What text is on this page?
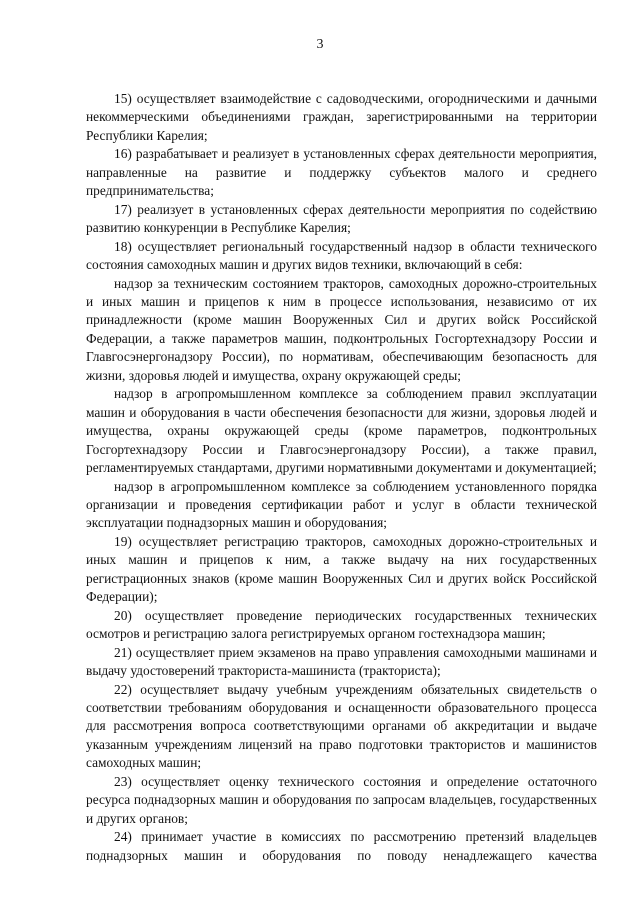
3

15) осуществляет взаимодействие с садоводческими, огородническими и дачными некоммерческими объединениями граждан, зарегистрированными на территории Республики Карелия;

16) разрабатывает и реализует в установленных сферах деятельности мероприятия, направленные на развитие и поддержку субъектов малого и среднего предпринимательства;

17) реализует в установленных сферах деятельности мероприятия по содействию развитию конкуренции в Республике Карелия;

18) осуществляет региональный государственный надзор в области технического состояния самоходных машин и других видов техники, включающий в себя:

надзор за техническим состоянием тракторов, самоходных дорожно-строительных и иных машин и прицепов к ним в процессе использования, независимо от их принадлежности (кроме машин Вооруженных Сил и других войск Российской Федерации, а также параметров машин, подконтрольных Госгортехнадзору России и Главгосэнергонадзору России), по нормативам, обеспечивающим безопасность для жизни, здоровья людей и имущества, охрану окружающей среды;

надзор в агропромышленном комплексе за соблюдением правил эксплуатации машин и оборудования в части обеспечения безопасности для жизни, здоровья людей и имущества, охраны окружающей среды (кроме параметров, подконтрольных Госгортехнадзору России и Главгосэнергонадзору России), а также правил, регламентируемых стандартами, другими нормативными документами и документацией;

надзор в агропромышленном комплексе за соблюдением установленного порядка организации и проведения сертификации работ и услуг в области технической эксплуатации поднадзорных машин и оборудования;

19) осуществляет регистрацию тракторов, самоходных дорожно-строительных и иных машин и прицепов к ним, а также выдачу на них государственных регистрационных знаков (кроме машин Вооруженных Сил и других войск Российской Федерации);

20) осуществляет проведение периодических государственных технических осмотров и регистрацию залога регистрируемых органом гостехнадзора машин;

21) осуществляет прием экзаменов на право управления самоходными машинами и выдачу удостоверений тракториста-машиниста (тракториста);

22) осуществляет выдачу учебным учреждениям обязательных свидетельств о соответствии требованиям оборудования и оснащенности образовательного процесса для рассмотрения вопроса соответствующими органами об аккредитации и выдаче указанным учреждениям лицензий на право подготовки трактористов и машинистов самоходных машин;

23) осуществляет оценку технического состояния и определение остаточного ресурса поднадзорных машин и оборудования по запросам владельцев, государственных и других органов;

24) принимает участие в комиссиях по рассмотрению претензий владельцев поднадзорных машин и оборудования по поводу ненадлежащего качества
